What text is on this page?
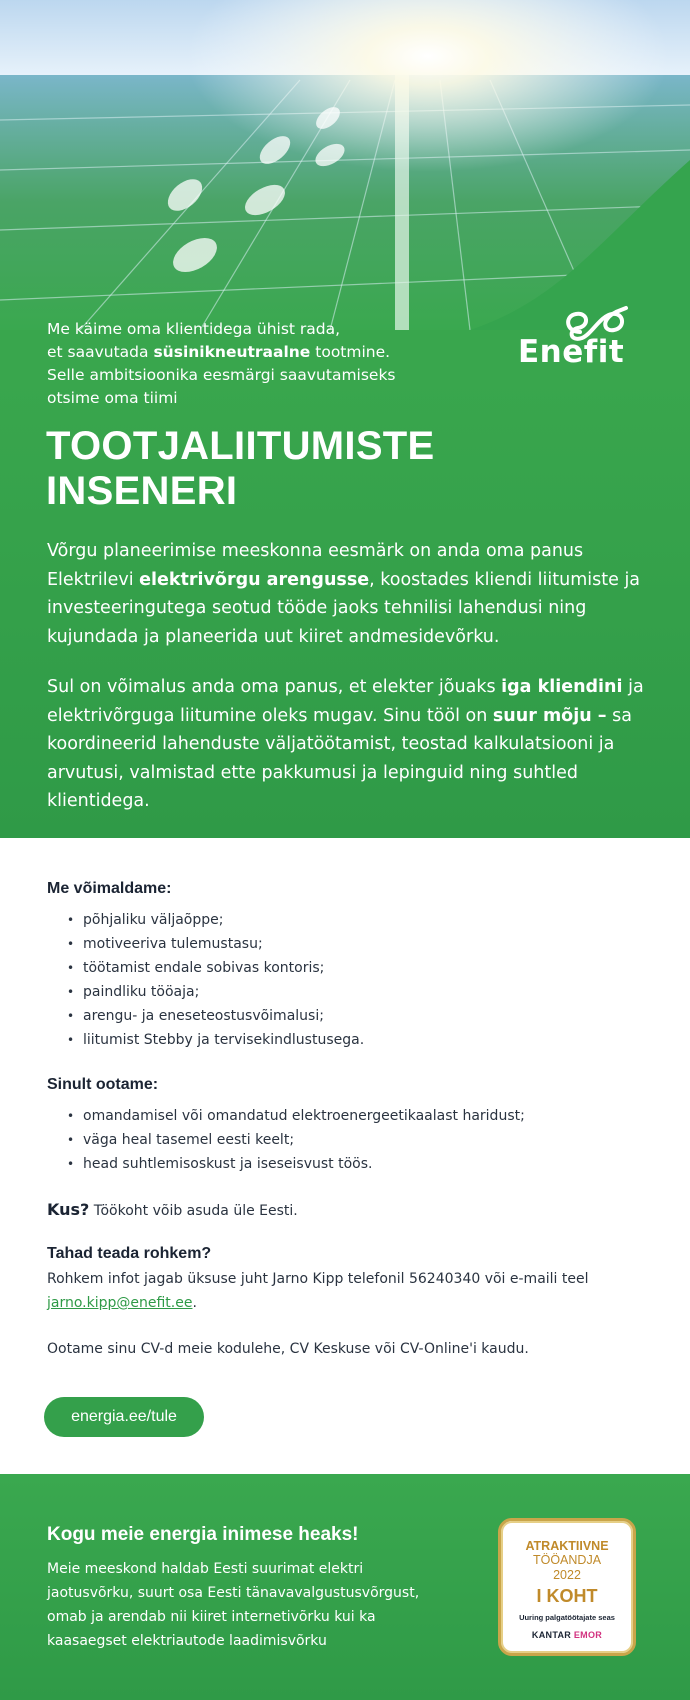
Me käime oma klientidega ühist rada,
et saavutada süsinikneutraalne tootmine.
Selle ambitsioonika eesmärgi saavutamiseks
otsime oma tiimi
Enefit
TOOTJALIITUMISTE
INSENERI
Võrgu planeerimise meeskonna eesmärk on anda oma panus Elektrilevi elektrivõrgu arengusse, koostades kliendi liitumiste ja investeeringutega seotud tööde jaoks tehnilisi lahendusi ning kujundada ja planeerida uut kiiret andmesidevõrku.
Sul on võimalus anda oma panus, et elekter jõuaks iga kliendini ja elektrivõrguga liitumine oleks mugav. Sinu tööl on suur mõju – sa koordineerid lahenduste väljatöötamist, teostad kalkulatsiooni ja arvutusi, valmistad ette pakkumusi ja lepinguid ning suhtled klientidega.
Me võimaldame:
• põhjaliku väljaõppe;
• motiveeriva tulemustasu;
• töötamist endale sobivas kontoris;
• paindliku tööaja;
• arengu- ja eneseteostusvõimalusi;
• liitumist Stebby ja tervisekindlustusega.
Sinult ootame:
• omandamisel või omandatud elektroenergeetikaalast haridust;
• väga heal tasemel eesti keelt;
• head suhtlemisoskust ja iseseisvust töös.
Kus? Töökoht võib asuda üle Eesti.
Tahad teada rohkem?
Rohkem infot jagab üksuse juht Jarno Kipp telefonil 56240340 või e-maili teel
jarno.kipp@enefit.ee.
Ootame sinu CV-d meie kodulehe, CV Keskuse või CV-Online'i kaudu.
energia.ee/tule
Kogu meie energia inimese heaks!
Meie meeskond haldab Eesti suurimat elektri jaotusvõrku, suurt osa Eesti tänavavalgustusvõrgust, omab ja arendab nii kiiret internetivõrku kui ka kaasaegset elektriautode laadimisvõrku
ATRAKTIIVNE
TÖÖANDJA
2022
I KOHT
Uuring palgatöötajate seas
KANTAR EMOR
